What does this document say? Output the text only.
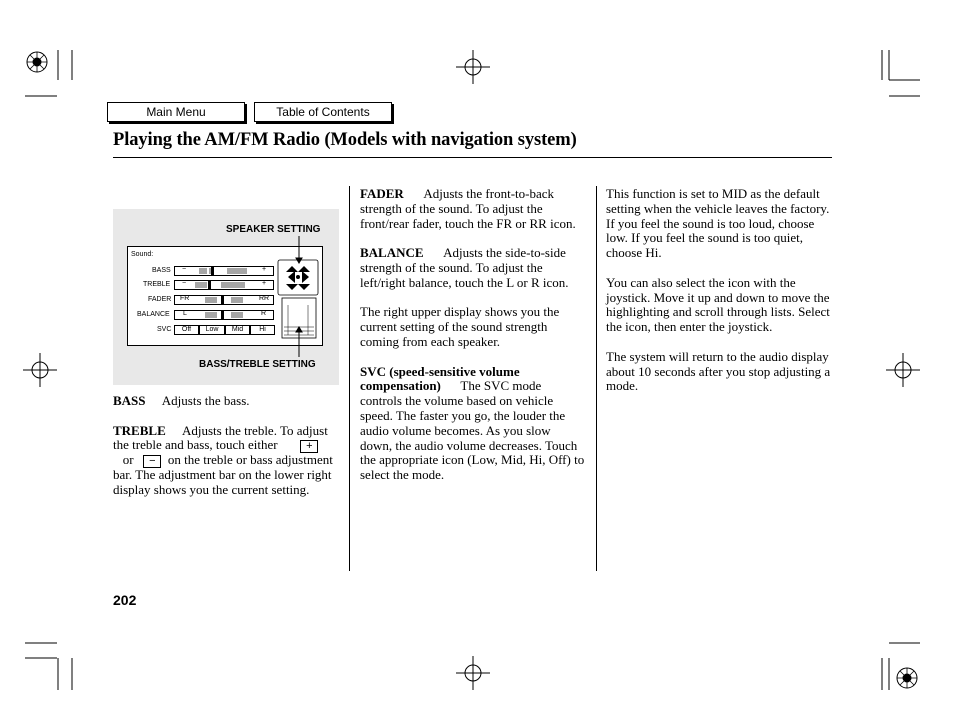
Main Menu	Table of Contents
Playing the AM/FM Radio (Models with navigation system)
SPEAKER SETTING
BASS/TREBLE SETTING
Sound:
BASS −	+
TREBLE −	+
FADER FR	RR
BALANCE L	R
SVC	Off	Low	Mid	Hi

BASS Adjusts the bass.

TREBLE Adjusts the treble. To adjust the treble and bass, touch either	+   or − on the treble or bass adjustment bar. The adjustment bar on the lower right display shows you the current setting.

FADER Adjusts the front-to-back strength of the sound. To adjust the front/rear fader, touch the FR or RR icon.

BALANCE Adjusts the side-to-side strength of the sound. To adjust the left/right balance, touch the L or R icon.

The right upper display shows you the current setting of the sound strength coming from each speaker.

SVC (speed-sensitive volume compensation) The SVC mode controls the volume based on vehicle speed. The faster you go, the louder the audio volume becomes. As you slow down, the audio volume decreases. Touch the appropriate icon (Low, Mid, Hi, Off) to select the mode.

This function is set to MID as the default setting when the vehicle leaves the factory. If you feel the sound is too loud, choose low. If you feel the sound is too quiet, choose Hi.

You can also select the icon with the joystick. Move it up and down to move the highlighting and scroll through lists. Select the icon, then enter the joystick.

The system will return to the audio display about 10 seconds after you stop adjusting a mode.

202
